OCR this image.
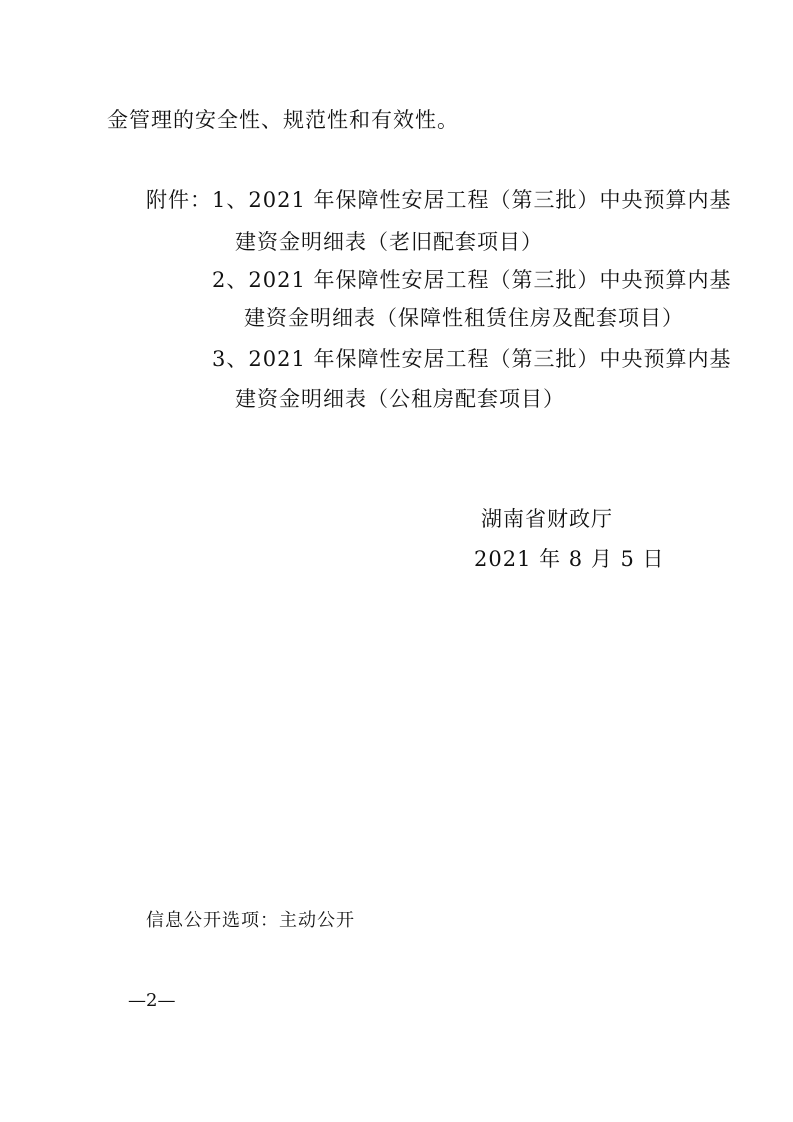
金管理的安全性、规范性和有效性。
附件： 1、2021 年保障性安居工程（第三批）中央预算内基
建资金明细表（老旧配套项目）
2、2021 年保障性安居工程（第三批）中央预算内基
建资金明细表（保障性租赁住房及配套项目）
3、2021 年保障性安居工程（第三批）中央预算内基
建资金明细表（公租房配套项目）
湖南省财政厅
2021 年 8 月 5 日
信息公开选项：主动公开
—2—
